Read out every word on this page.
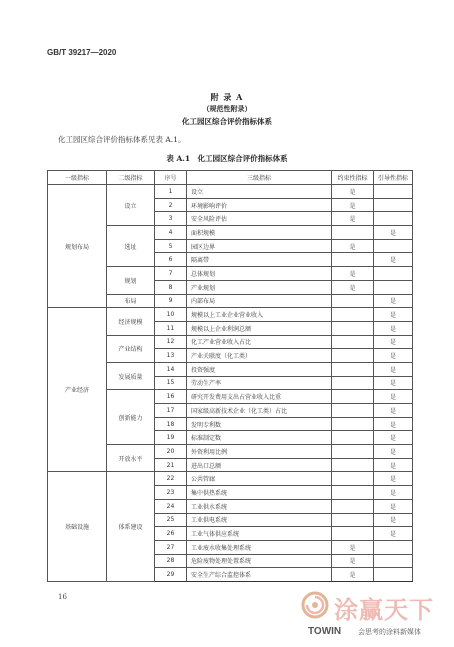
GB/T 39217—2020
附 录 A
（规范性附录）
化工园区综合评价指标体系
化工园区综合评价指标体系见表 A.1。
表 A.1　化工园区综合评价指标体系
一级指标	二级指标	序号	三级指标	约束性指标	引导性指标
规划布局	设立	1	设立	是	
		2	环境影响评价	是	
		3	安全风险评估	是	
	选址	4	面积规模		是
		5	园区边界	是	
		6	隔离带		是
	规划	7	总体规划	是	
		8	产业规划	是	
	布局	9	内部布局		是
产业经济	经济规模	10	规模以上工业企业营业收入		是
		11	规模以上企业利润总额		是
	产业结构	12	化工产业营业收入占比		是
		13	产业关联度（化工类）		是
	发展质量	14	投资强度		是
		15	劳动生产率		是
	创新能力	16	研究开发费用支出占营业收入比重		是
		17	国家级高新技术企业（化工类）占比		是
		18	发明专利数		是
		19	标准制定数		是
	开放水平	20	外资利用比例		是
		21	进出口总额		是
基础设施	体系建设	22	公共管廊		是
		23	集中供热系统		是
		24	工业供水系统		是
		25	工业供电系统		是
		26	工业气体供应系统		是
		27	工业废水收集处理系统	是	
		28	危险废物处理处置系统	是	
		29	安全生产综合监控体系	是	
16	涂赢天下
TOWIN 会思考的涂料新媒体
